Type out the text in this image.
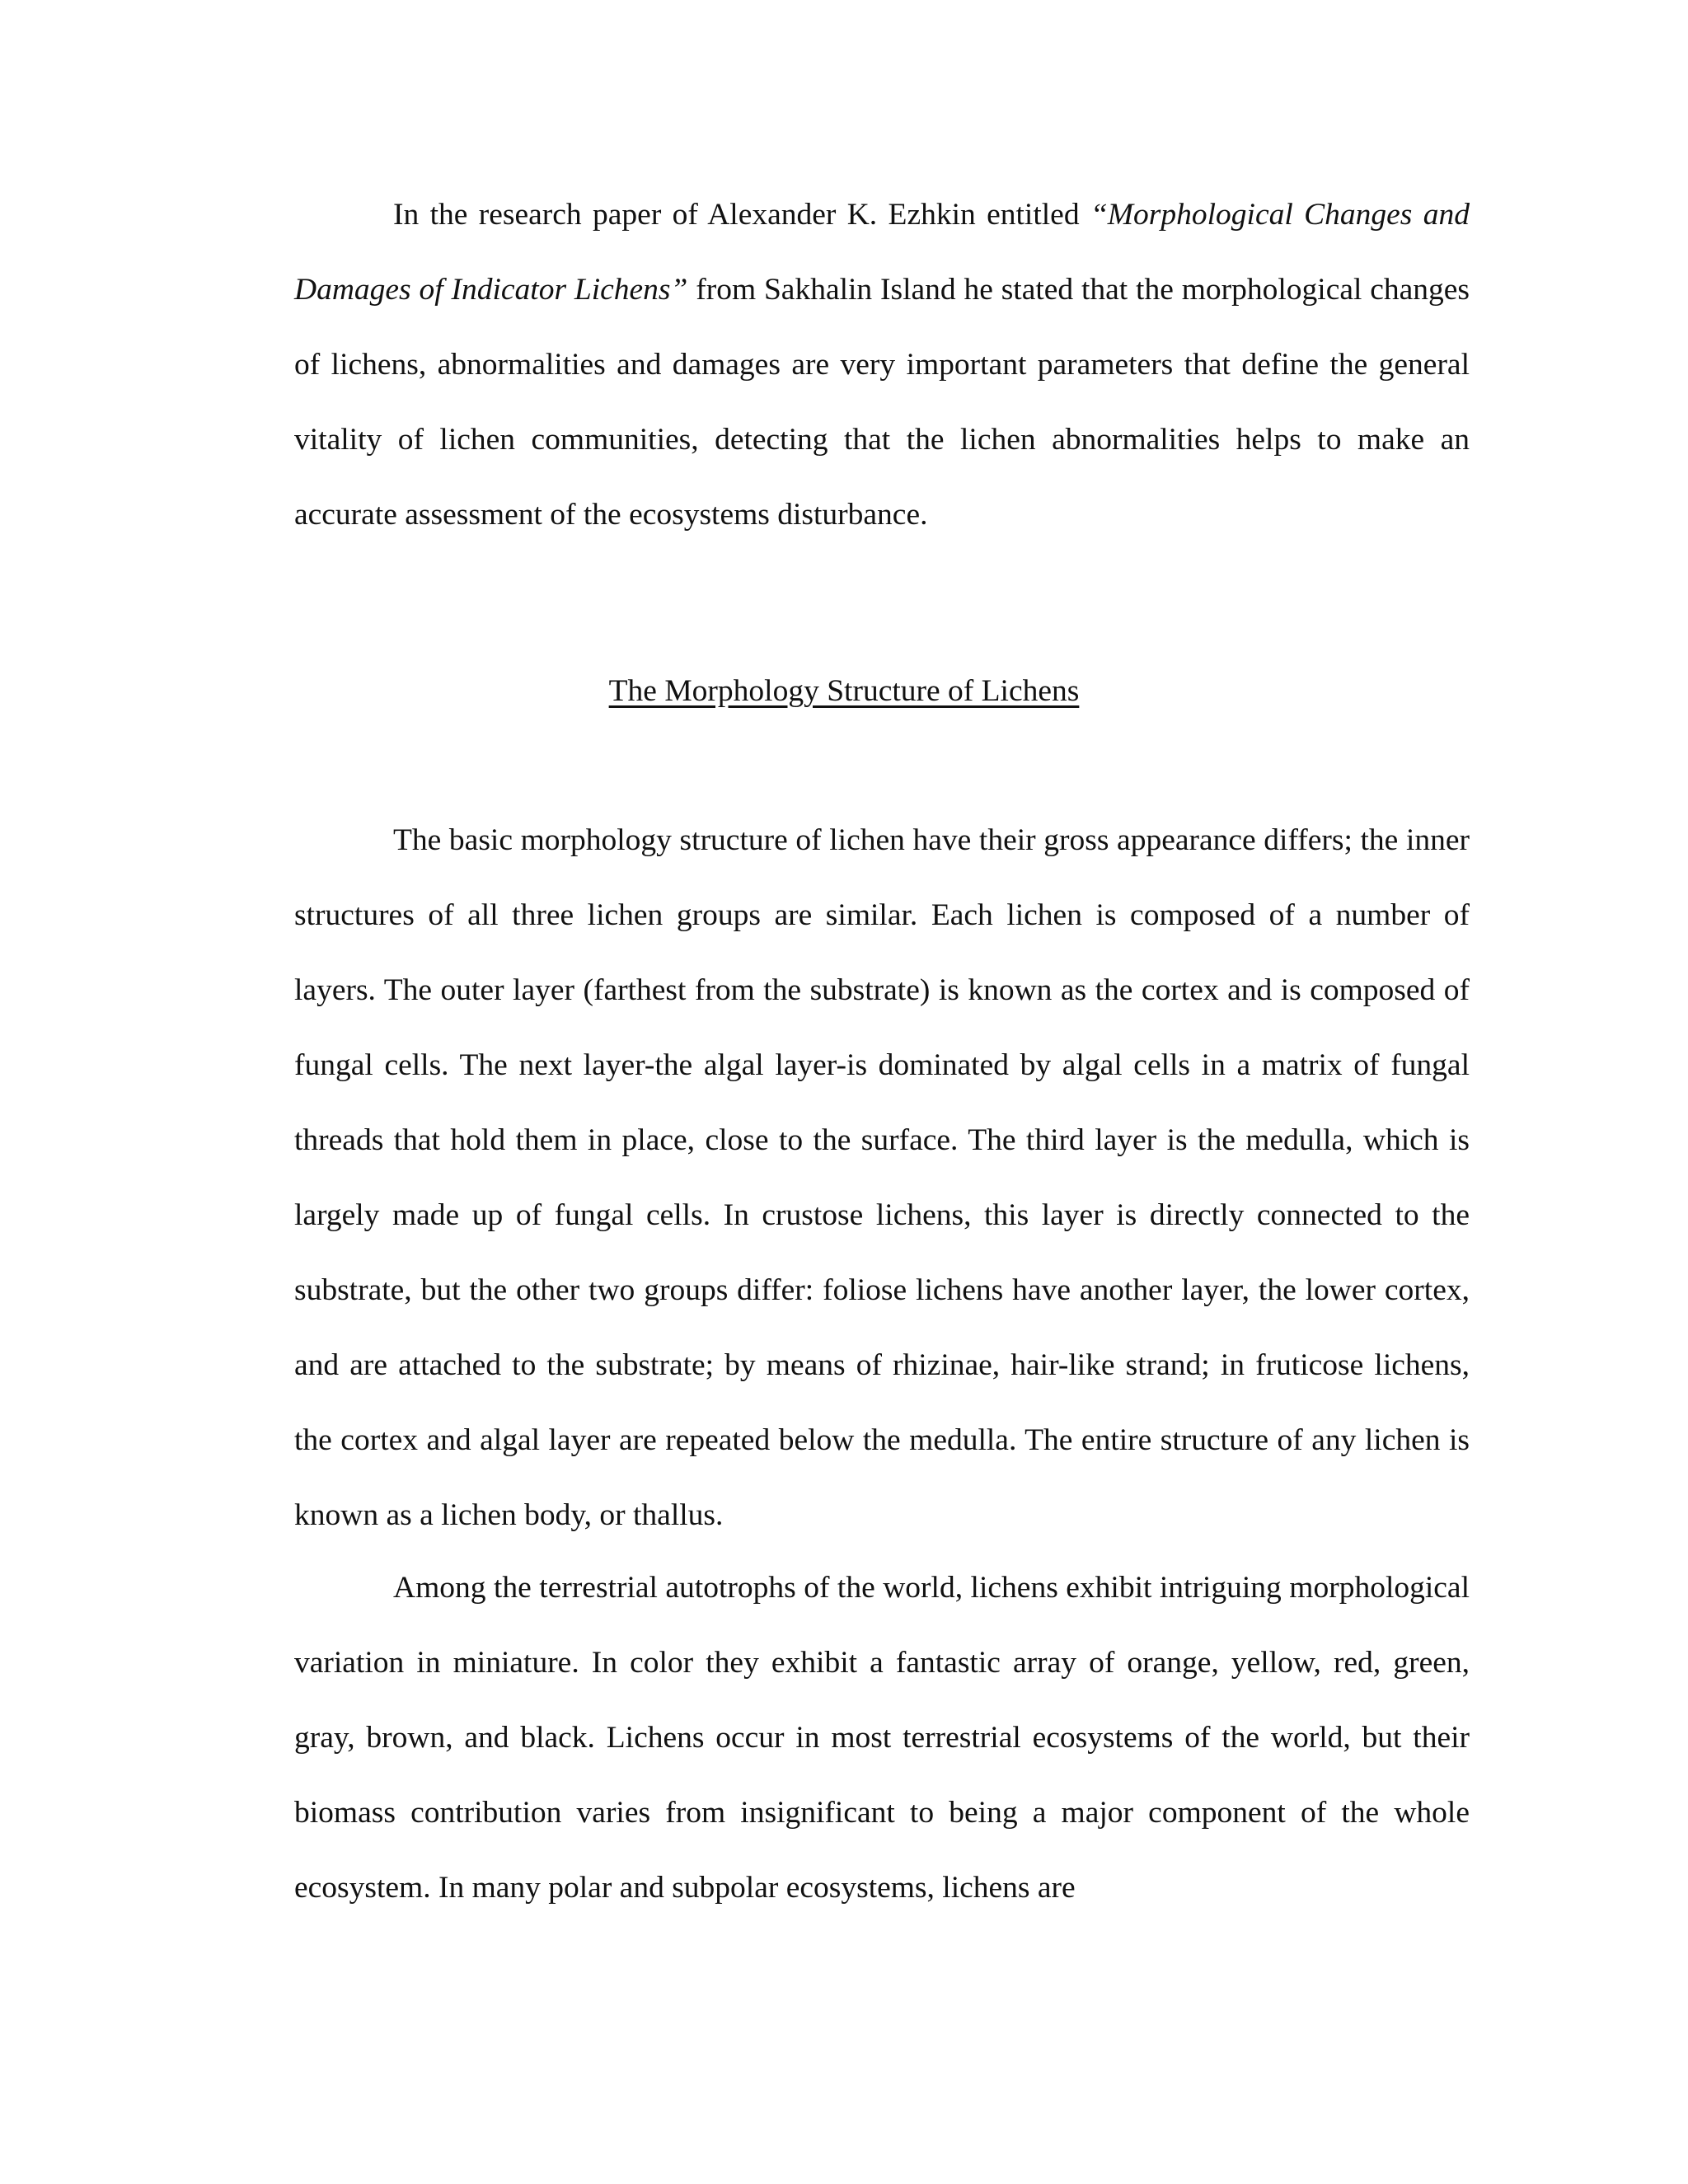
In the research paper of Alexander K. Ezhkin entitled “Morphological Changes and Damages of Indicator Lichens” from Sakhalin Island he stated that the morphological changes of lichens, abnormalities and damages are very important parameters that define the general vitality of lichen communities, detecting that the lichen abnormalities helps to make an accurate assessment of the ecosystems disturbance.

The Morphology Structure of Lichens

The basic morphology structure of lichen have their gross appearance differs; the inner structures of all three lichen groups are similar. Each lichen is composed of a number of layers. The outer layer (farthest from the substrate) is known as the cortex and is composed of fungal cells. The next layer-the algal layer-is dominated by algal cells in a matrix of fungal threads that hold them in place, close to the surface. The third layer is the medulla, which is largely made up of fungal cells. In crustose lichens, this layer is directly connected to the substrate, but the other two groups differ: foliose lichens have another layer, the lower cortex, and are attached to the substrate; by means of rhizinae, hair-like strand; in fruticose lichens, the cortex and algal layer are repeated below the medulla. The entire structure of any lichen is known as a lichen body, or thallus.

Among the terrestrial autotrophs of the world, lichens exhibit intriguing morphological variation in miniature. In color they exhibit a fantastic array of orange, yellow, red, green, gray, brown, and black. Lichens occur in most terrestrial ecosystems of the world, but their biomass contribution varies from insignificant to being a major component of the whole ecosystem. In many polar and subpolar ecosystems, lichens are
